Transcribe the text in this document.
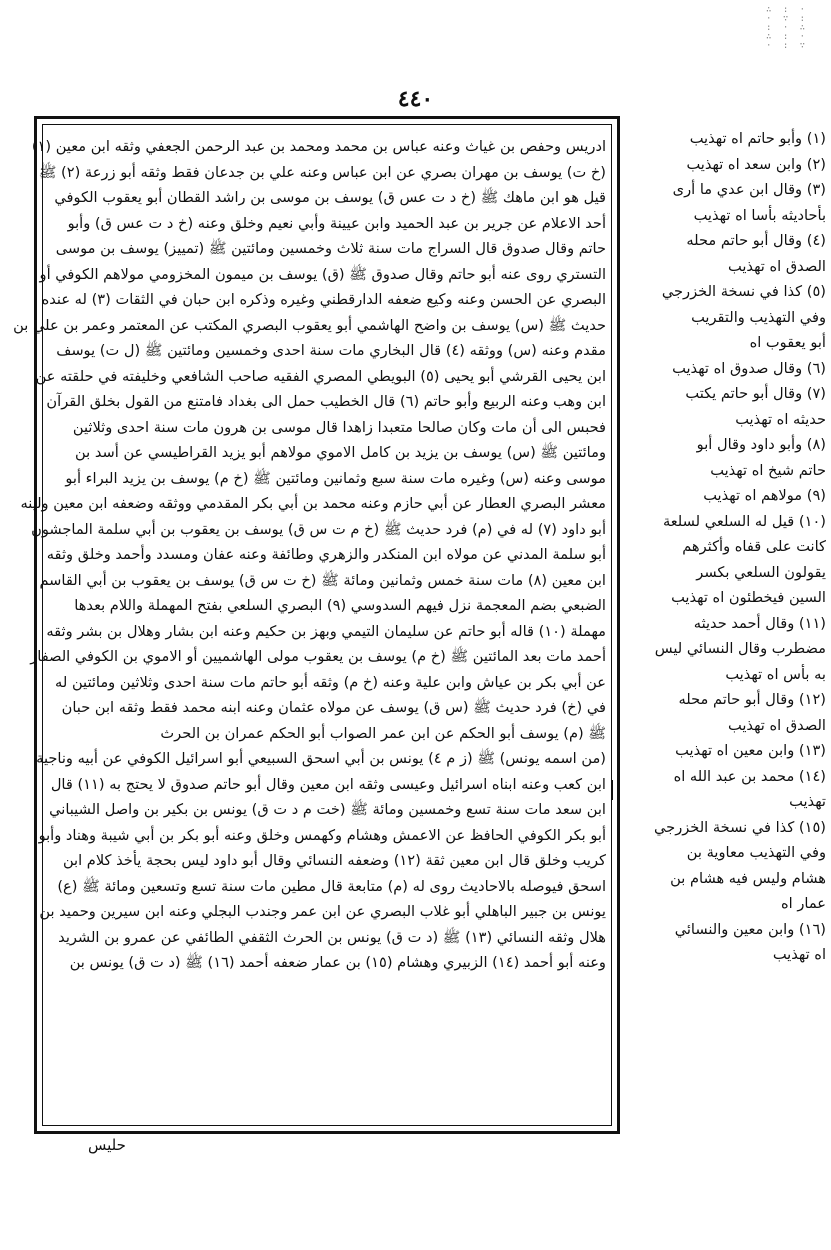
∴ : ·
· ∵ :
: · ∴
∴ : ·
· : ∵
٤٤٠
ادريس وحفص بن غياث وعنه عباس بن محمد ومحمد بن عبد الرحمن الجعفي وثقه ابن معين (١)
(خ ت) يوسف بن مهران بصري عن ابن عباس وعنه علي بن جدعان فقط وثقه أبو زرعة (٢) ﷺ
قيل هو ابن ماهك ﷺ (خ د ت عس ق) يوسف بن موسى بن راشد القطان أبو يعقوب الكوفي
أحد الاعلام عن جرير بن عبد الحميد وابن عيينة وأبي نعيم وخلق وعنه (خ د ت عس ق) وأبو
حاتم وقال صدوق قال السراج مات سنة ثلاث وخمسين ومائتين ﷺ (تمييز) يوسف بن موسى
التستري روى عنه أبو حاتم وقال صدوق ﷺ (ق) يوسف بن ميمون المخزومي مولاهم الكوفي أو
البصري عن الحسن وعنه وكيع ضعفه الدارقطني وغيره وذكره ابن حبان في الثقات (٣) له عنده
حديث ﷺ (س) يوسف بن واضح الهاشمي أبو يعقوب البصري المكتب عن المعتمر وعمر بن علي بن
مقدم وعنه (س) ووثقه (٤) قال البخاري مات سنة احدى وخمسين ومائتين ﷺ (ل ت) يوسف
ابن يحيى القرشي أبو يحيى (٥) البويطي المصري الفقيه صاحب الشافعي وخليفته في حلقته عن
ابن وهب وعنه الربيع وأبو حاتم (٦) قال الخطيب حمل الى بغداد فامتنع من القول بخلق القرآن
فحبس الى أن مات وكان صالحا متعبدا زاهدا قال موسى بن هرون مات سنة احدى وثلاثين
ومائتين ﷺ (س) يوسف بن يزيد بن كامل الاموي مولاهم أبو يزيد القراطيسي عن أسد بن
موسى وعنه (س) وغيره مات سنة سبع وثمانين ومائتين ﷺ (خ م) يوسف بن يزيد البراء أبو
معشر البصري العطار عن أبي حازم وعنه محمد بن أبي بكر المقدمي ووثقه وضعفه ابن معين ولينه
أبو داود (٧) له في (م) فرد حديث ﷺ (خ م ت س ق) يوسف بن يعقوب بن أبي سلمة الماجشون
أبو سلمة المدني عن مولاه ابن المنكدر والزهري وطائفة وعنه عفان ومسدد وأحمد وخلق وثقه
ابن معين (٨) مات سنة خمس وثمانين ومائة ﷺ (خ ت س ق) يوسف بن يعقوب بن أبي القاسم
الضبعي بضم المعجمة نزل فيهم السدوسي (٩) البصري السلعي بفتح المهملة واللام بعدها
مهملة (١٠) قاله أبو حاتم عن سليمان التيمي وبهز بن حكيم وعنه ابن بشار وهلال بن بشر وثقه
أحمد مات بعد المائتين ﷺ (خ م) يوسف بن يعقوب مولى الهاشميين أو الاموي بن الكوفي الصفار
عن أبي بكر بن عياش وابن علية وعنه (خ م) وثقه أبو حاتم مات سنة احدى وثلاثين ومائتين له
في (خ) فرد حديث ﷺ (س ق) يوسف عن مولاه عثمان وعنه ابنه محمد فقط وثقه ابن حبان
ﷺ (م) يوسف أبو الحكم عن ابن عمر الصواب أبو الحكم عمران بن الحرث
(من اسمه يونس) ﷺ (ز م ٤) يونس بن أبي اسحق السبيعي أبو اسرائيل الكوفي عن أبيه وناجية
ابن كعب وعنه ابناه اسرائيل وعيسى وثقه ابن معين وقال أبو حاتم صدوق لا يحتج به (١١) قال
ابن سعد مات سنة تسع وخمسين ومائة ﷺ (خت م د ت ق) يونس بن بكير بن واصل الشيباني
أبو بكر الكوفي الحافظ عن الاعمش وهشام وكهمس وخلق وعنه أبو بكر بن أبي شيبة وهناد وأبو
كريب وخلق قال ابن معين ثقة (١٢) وضعفه النسائي وقال أبو داود ليس بحجة يأخذ كلام ابن
اسحق فيوصله بالاحاديث روى له (م) متابعة قال مطين مات سنة تسع وتسعين ومائة ﷺ (ع)
يونس بن جبير الباهلي أبو غلاب البصري عن ابن عمر وجندب البجلي وعنه ابن سيرين وحميد بن
هلال وثقه النسائي (١٣) ﷺ (د ت ق) يونس بن الحرث الثقفي الطائفي عن عمرو بن الشريد
وعنه أبو أحمد (١٤) الزبيري وهشام (١٥) بن عمار ضعفه أحمد (١٦) ﷺ (د ت ق) يونس بن
(١) وأبو حاتم اه تهذيب
(٢) وابن سعد اه تهذيب
(٣) وقال ابن عدي ما أرى
بأحاديثه بأسا اه تهذيب
(٤) وقال أبو حاتم محله
الصدق اه تهذيب
(٥) كذا في نسخة الخزرجي
وفي التهذيب والتقريب
أبو يعقوب اه
(٦) وقال صدوق اه تهذيب
(٧) وقال أبو حاتم يكتب
حديثه اه تهذيب
(٨) وأبو داود وقال أبو
حاتم شيخ اه تهذيب
(٩) مولاهم اه تهذيب
(١٠) قيل له السلعي لسلعة
كانت على قفاه وأكثرهم
يقولون السلعي بكسر
السين فيخطئون اه تهذيب
(١١) وقال أحمد حديثه
مضطرب وقال النسائي ليس
به بأس اه تهذيب
(١٢) وقال أبو حاتم محله
الصدق اه تهذيب
(١٣) وابن معين اه تهذيب
(١٤) محمد بن عبد الله اه
تهذيب
(١٥) كذا في نسخة الخزرجي
وفي التهذيب معاوية بن
هشام وليس فيه هشام بن
عمار اه
(١٦) وابن معين والنسائي
اه تهذيب
حليس
